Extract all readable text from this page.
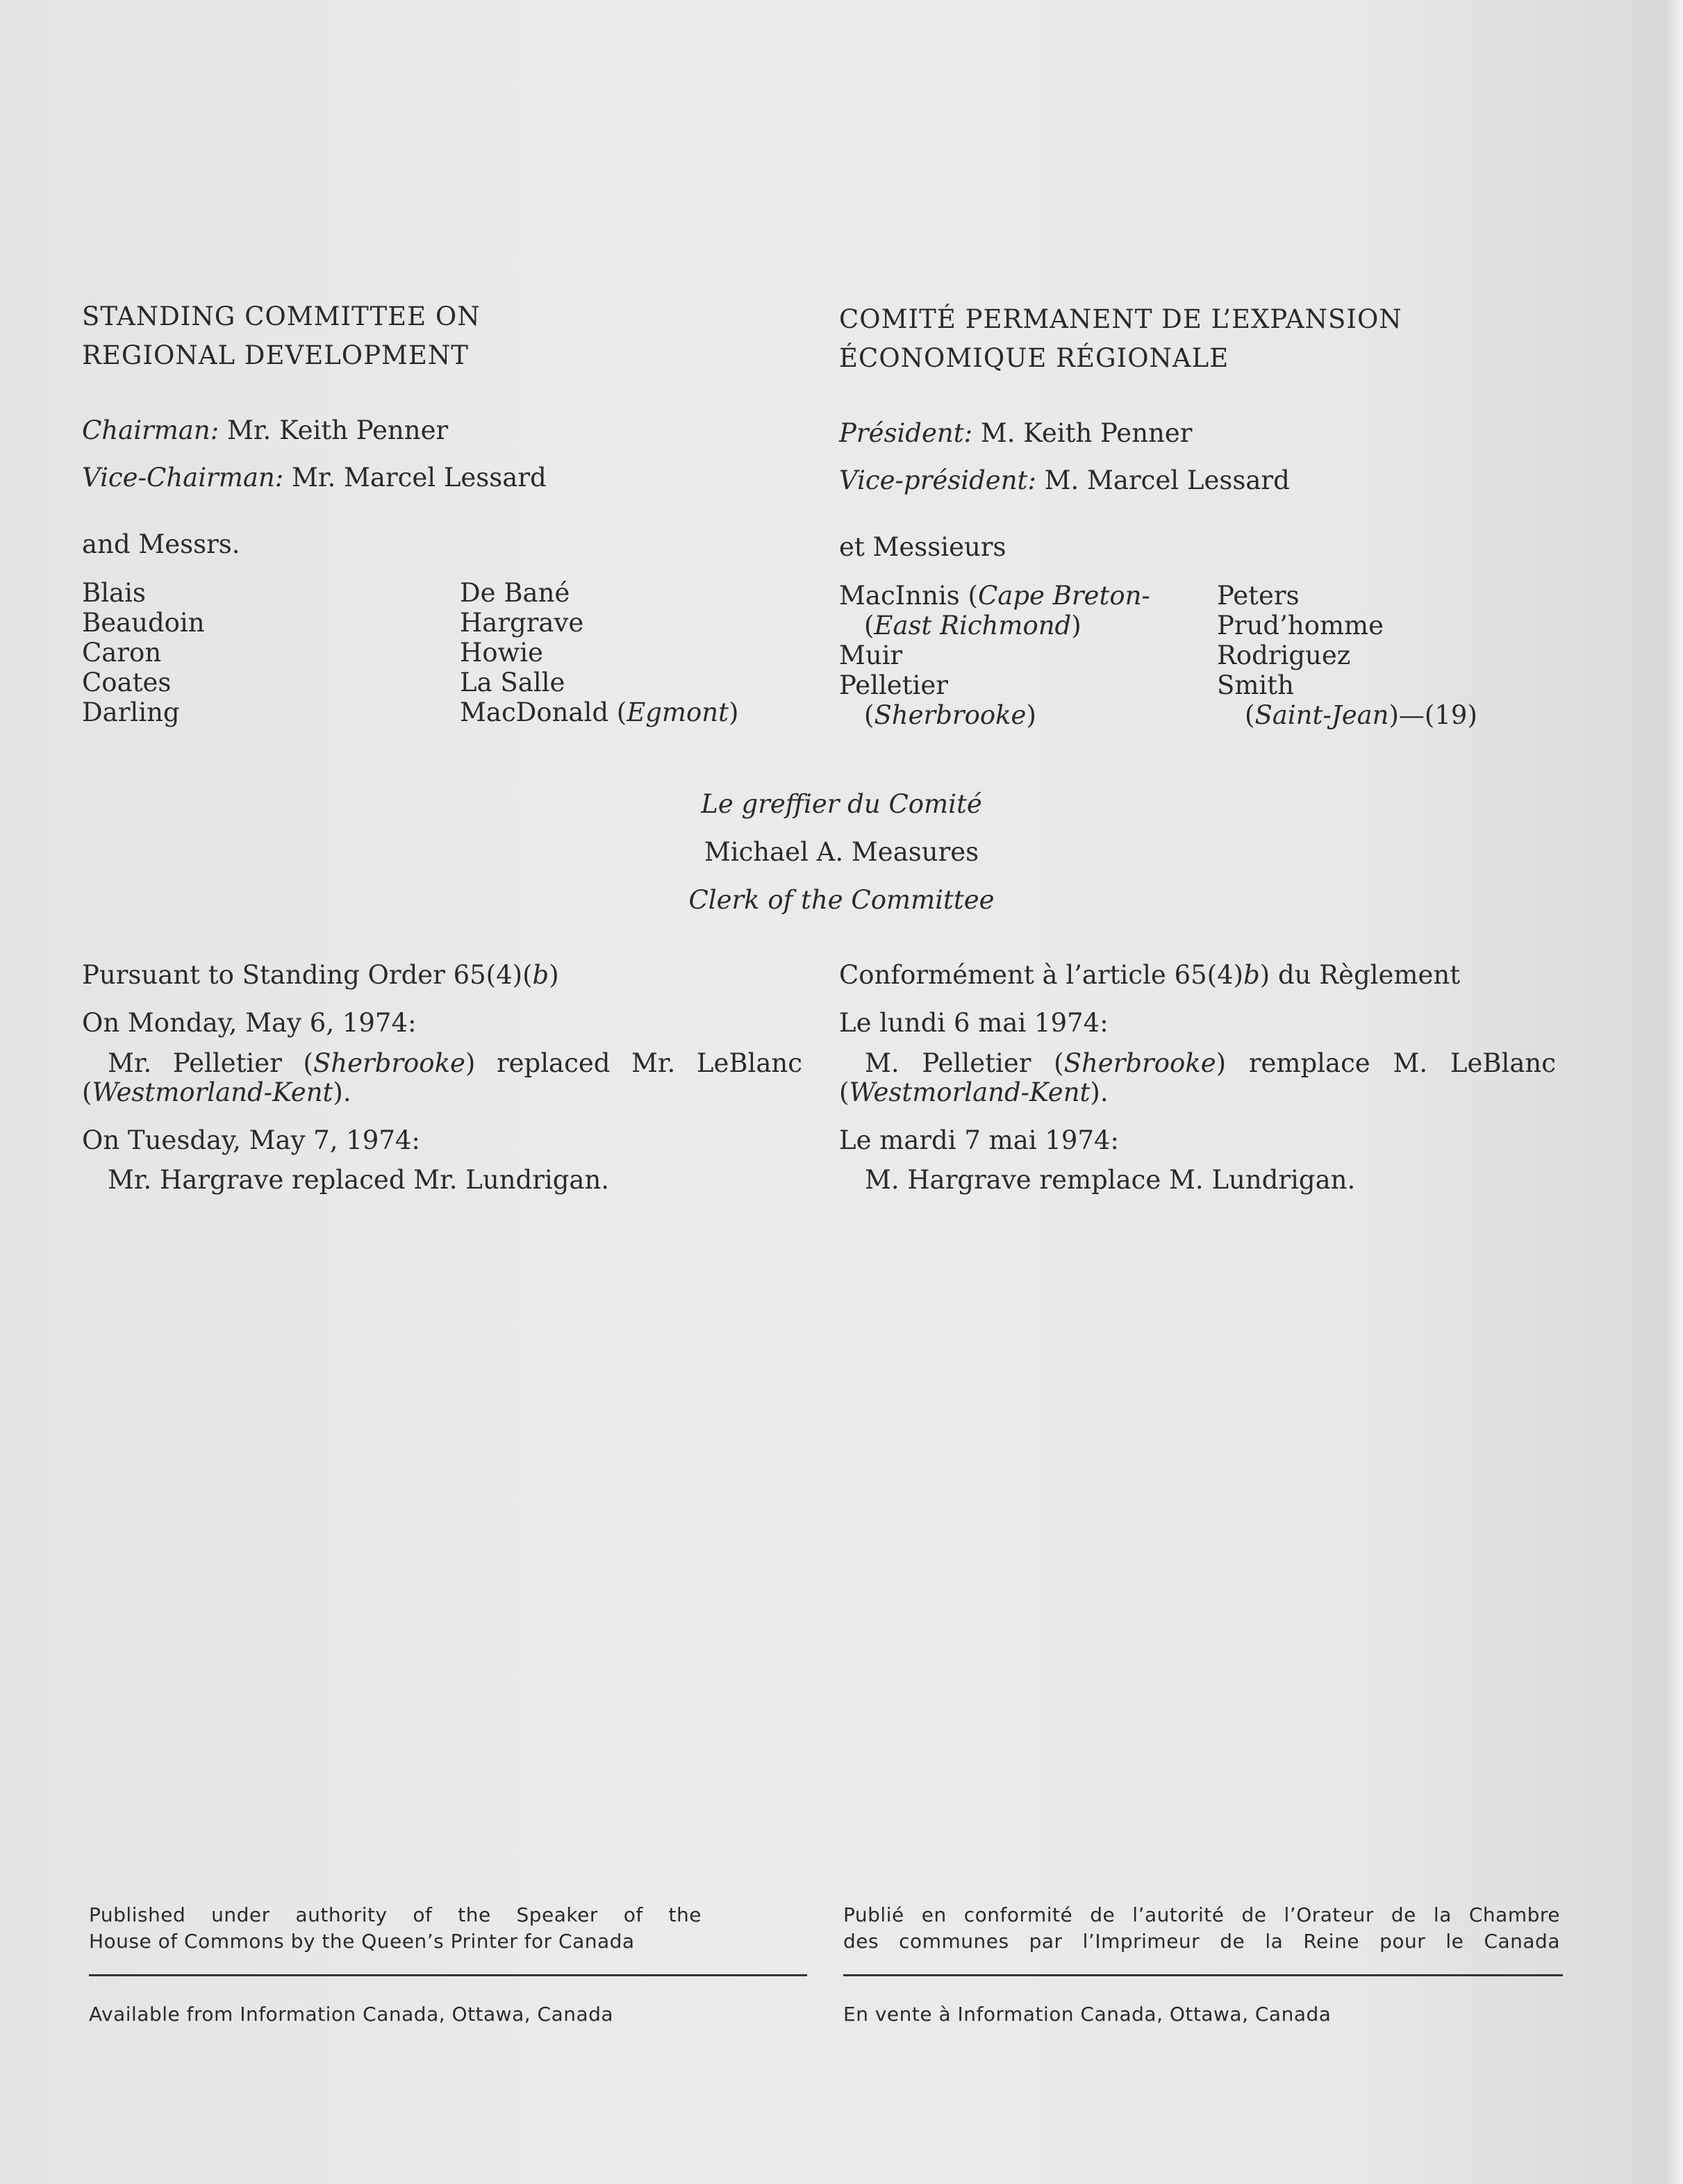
STANDING COMMITTEE ON
REGIONAL DEVELOPMENT
COMITÉ PERMANENT DE L’EXPANSION
ÉCONOMIQUE RÉGIONALE
Chairman: Mr. Keith Penner
Vice-Chairman: Mr. Marcel Lessard
and Messrs.
Président: M. Keith Penner
Vice-président: M. Marcel Lessard
et Messieurs
Blais
Beaudoin
Caron
Coates
Darling
De Bané
Hargrave
Howie
La Salle
MacDonald (Egmont)
MacInnis (Cape Breton-
(East Richmond)
Muir
Pelletier
(Sherbrooke)
Peters
Prud’homme
Rodriguez
Smith
(Saint-Jean)—(19)
Le greffier du Comité
Michael A. Measures
Clerk of the Committee
Pursuant to Standing Order 65(4)(b)
On Monday, May 6, 1974:
Mr. Pelletier (Sherbrooke) replaced Mr. LeBlanc
(Westmorland-Kent).
On Tuesday, May 7, 1974:
Mr. Hargrave replaced Mr. Lundrigan.
Conformément à l’article 65(4)b) du Règlement
Le lundi 6 mai 1974:
M. Pelletier (Sherbrooke) remplace M. LeBlanc
(Westmorland-Kent).
Le mardi 7 mai 1974:
M. Hargrave remplace M. Lundrigan.
Published under authority of the Speaker of the
House of Commons by the Queen’s Printer for Canada
Available from Information Canada, Ottawa, Canada
Publié en conformité de l’autorité de l’Orateur de la Chambre
des communes par l’Imprimeur de la Reine pour le Canada
En vente à Information Canada, Ottawa, Canada
